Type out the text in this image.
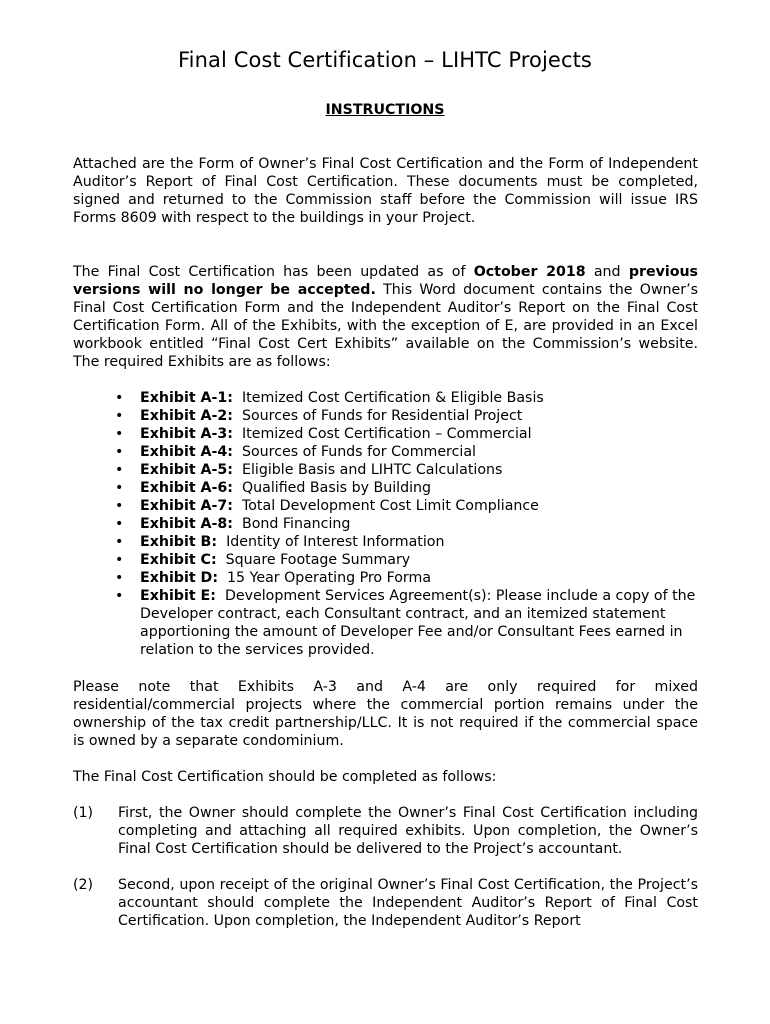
Final Cost Certification – LIHTC Projects
INSTRUCTIONS
Attached are the Form of Owner’s Final Cost Certification and the Form of Independent Auditor’s Report of Final Cost Certification. These documents must be completed, signed and returned to the Commission staff before the Commission will issue IRS Forms 8609 with respect to the buildings in your Project.
The Final Cost Certification has been updated as of October 2018 and previous versions will no longer be accepted. This Word document contains the Owner’s Final Cost Certification Form and the Independent Auditor’s Report on the Final Cost Certification Form. All of the Exhibits, with the exception of E, are provided in an Excel workbook entitled “Final Cost Cert Exhibits” available on the Commission’s website. The required Exhibits are as follows:
• Exhibit A-1: Itemized Cost Certification & Eligible Basis
• Exhibit A-2: Sources of Funds for Residential Project
• Exhibit A-3: Itemized Cost Certification – Commercial
• Exhibit A-4: Sources of Funds for Commercial
• Exhibit A-5: Eligible Basis and LIHTC Calculations
• Exhibit A-6: Qualified Basis by Building
• Exhibit A-7: Total Development Cost Limit Compliance
• Exhibit A-8: Bond Financing
• Exhibit B: Identity of Interest Information
• Exhibit C: Square Footage Summary
• Exhibit D: 15 Year Operating Pro Forma
• Exhibit E:  Development Services Agreement(s): Please include a copy of the Developer contract, each Consultant contract, and an itemized statement apportioning the amount of Developer Fee and/or Consultant Fees earned in relation to the services provided.
Please note that Exhibits A-3 and A-4 are only required for mixed residential/commercial projects where the commercial portion remains under the ownership of the tax credit partnership/LLC. It is not required if the commercial space is owned by a separate condominium.
The Final Cost Certification should be completed as follows:
(1) First, the Owner should complete the Owner’s Final Cost Certification including completing and attaching all required exhibits. Upon completion, the Owner’s Final Cost Certification should be delivered to the Project’s accountant.
(2) Second, upon receipt of the original Owner’s Final Cost Certification, the Project’s accountant should complete the Independent Auditor’s Report of Final Cost Certification. Upon completion, the Independent Auditor’s Report
